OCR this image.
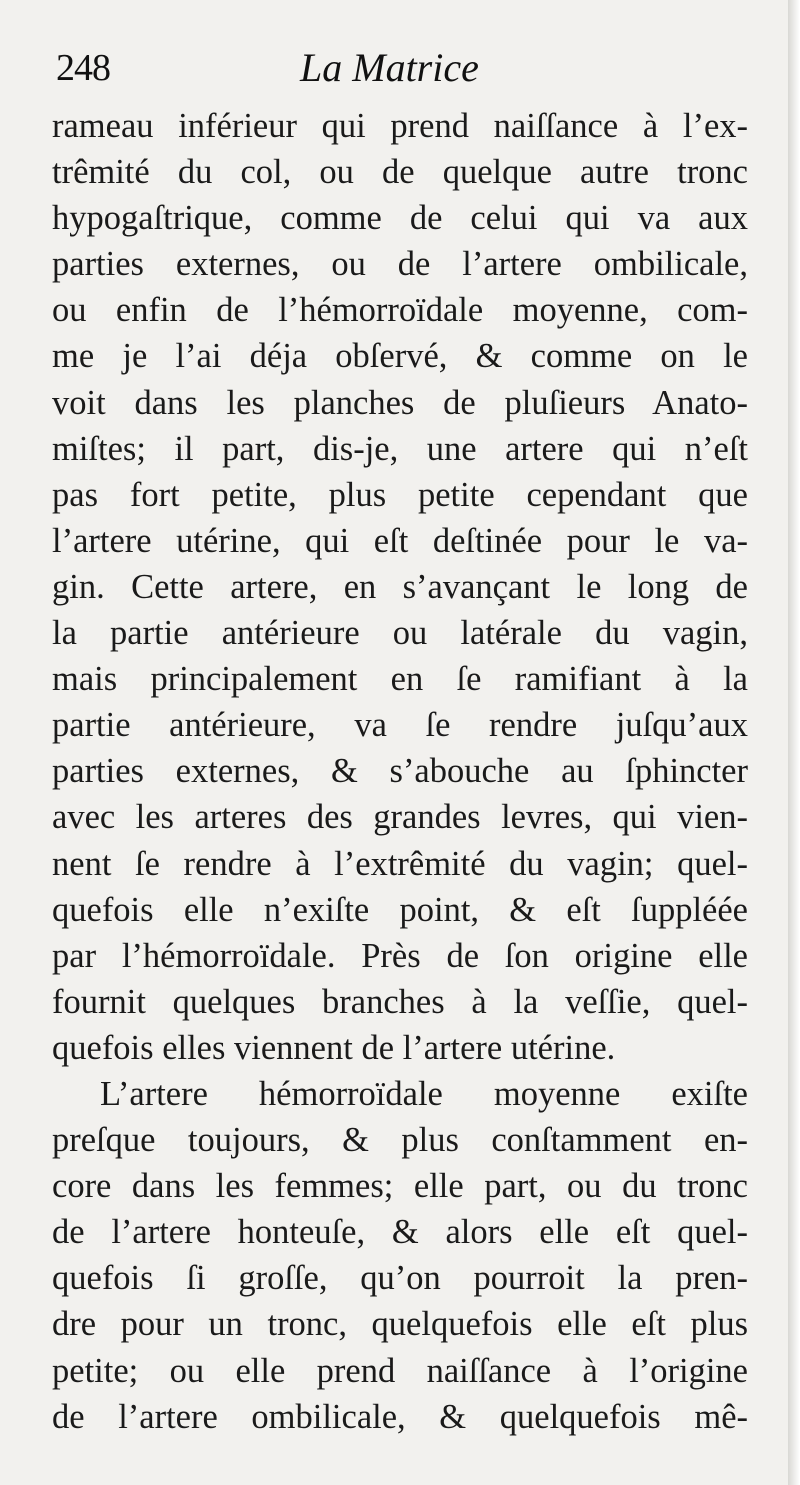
248	La Matrice
rameau inférieur qui prend naiſſance à l’ex-
trêmité du col, ou de quelque autre tronc
hypogaſtrique, comme de celui qui va aux
parties externes, ou de l’artere ombilicale,
ou enfin de l’hémorroïdale moyenne, com-
me je l’ai déja obſervé, & comme on le
voit dans les planches de pluſieurs Anato-
miſtes; il part, dis-je, une artere qui n’eſt
pas fort petite, plus petite cependant que
l’artere utérine, qui eſt deſtinée pour le va-
gin. Cette artere, en s’avançant le long de
la partie antérieure ou latérale du vagin,
mais principalement en ſe ramifiant à la
partie antérieure, va ſe rendre juſqu’aux
parties externes, & s’abouche au ſphincter
avec les arteres des grandes levres, qui vien-
nent ſe rendre à l’extrêmité du vagin; quel-
quefois elle n’exiſte point, & eſt ſuppléée
par l’hémorroïdale. Près de ſon origine elle
fournit quelques branches à la veſſie, quel-
quefois elles viennent de l’artere utérine.
L’artere hémorroïdale moyenne exiſte
preſque toujours, & plus conſtamment en-
core dans les femmes; elle part, ou du tronc
de l’artere honteuſe, & alors elle eſt quel-
quefois ſi groſſe, qu’on pourroit la pren-
dre pour un tronc, quelquefois elle eſt plus
petite; ou elle prend naiſſance à l’origine
de l’artere ombilicale, & quelquefois mê-
